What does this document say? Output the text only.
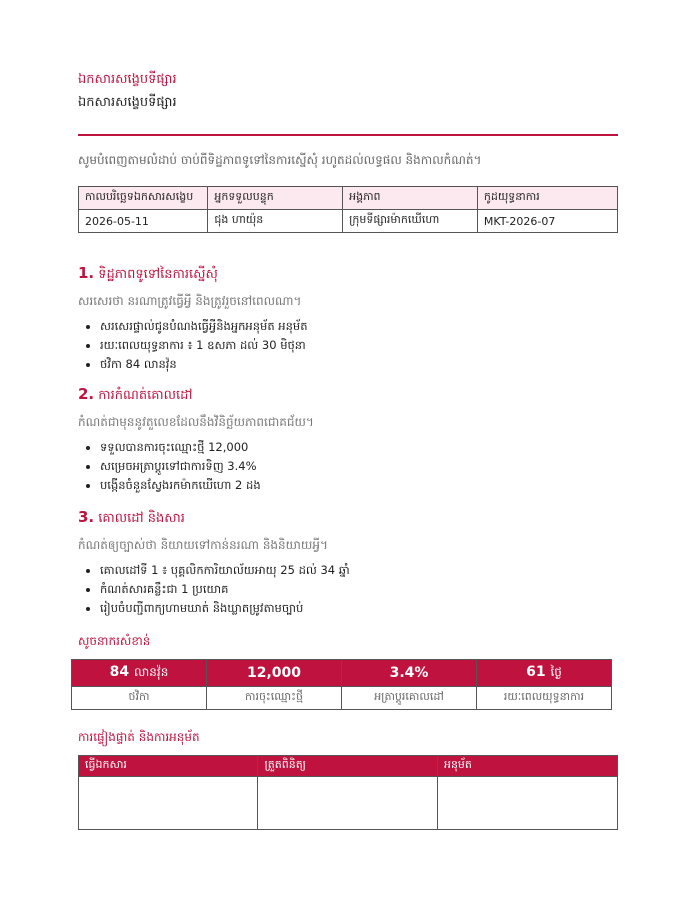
ឯកសារសង្ខេបទីផ្សារ
ឯកសារសង្ខេបទីផ្សារ
សូមបំពេញតាមលំដាប់ ចាប់ពីទិដ្ឋភាពទូទៅនៃការស្នើសុំ រហូតដល់លទ្ធផល និងកាលកំណត់។
កាលបរិច្ឆេទឯកសារសង្ខេប	អ្នកទទួលបន្ទុក	អង្គភាព	កូដយុទ្ធនាការ
2026-05-11	ជុង ហាយ៉ុន	ក្រុមទីផ្សារម៉ាកឃើហោ	MKT-2026-07
1. ទិដ្ឋភាពទូទៅនៃការស្នើសុំ
សរសេរថា នរណាត្រូវធ្វើអ្វី និងត្រូវរួចនៅពេលណា។
• សរសេរផ្ទាល់ជូនបំណងធ្វើអ្វីនិងអ្នកអនុម័ត អនុម័ត
• រយៈពេលយុទ្ធនាការ ៖ 1 ឧសភា ដល់ 30 មិថុនា
• ថវិកា 84 លានវ៉ុន
2. ការកំណត់គោលដៅ
កំណត់ជាមុននូវតួលេខដែលនឹងវិនិច្ឆ័យភាពជោគជ័យ។
• ទទួលបានការចុះឈ្មោះថ្មី 12,000
• សម្រេចអត្រាប្តូរទៅជាការទិញ 3.4%
• បង្កើនចំនួនស្វែងរកម៉ាកឃើហោ 2 ដង
3. គោលដៅ និងសារ
កំណត់ឲ្យច្បាស់ថា និយាយទៅកាន់នរណា និងនិយាយអ្វី។
• គោលដៅទី 1 ៖ បុគ្គលិកការិយាល័យអាយុ 25 ដល់ 34 ឆ្នាំ
• កំណត់សារគន្លឹះជា 1 ប្រយោគ
• រៀបចំបញ្ជីពាក្យហាមឃាត់ និងឃ្លាតម្រូវតាមច្បាប់
សូចនាករសំខាន់
84 លានវ៉ុន	12,000	3.4%	61 ថ្ងៃ
ថវិកា	ការចុះឈ្មោះថ្មី	អត្រាប្តូរគោលដៅ	រយៈពេលយុទ្ធនាការ
ការផ្ទៀងផ្ទាត់ និងការអនុម័ត
ធ្វើឯកសារ	ត្រួតពិនិត្យ	អនុម័ត
